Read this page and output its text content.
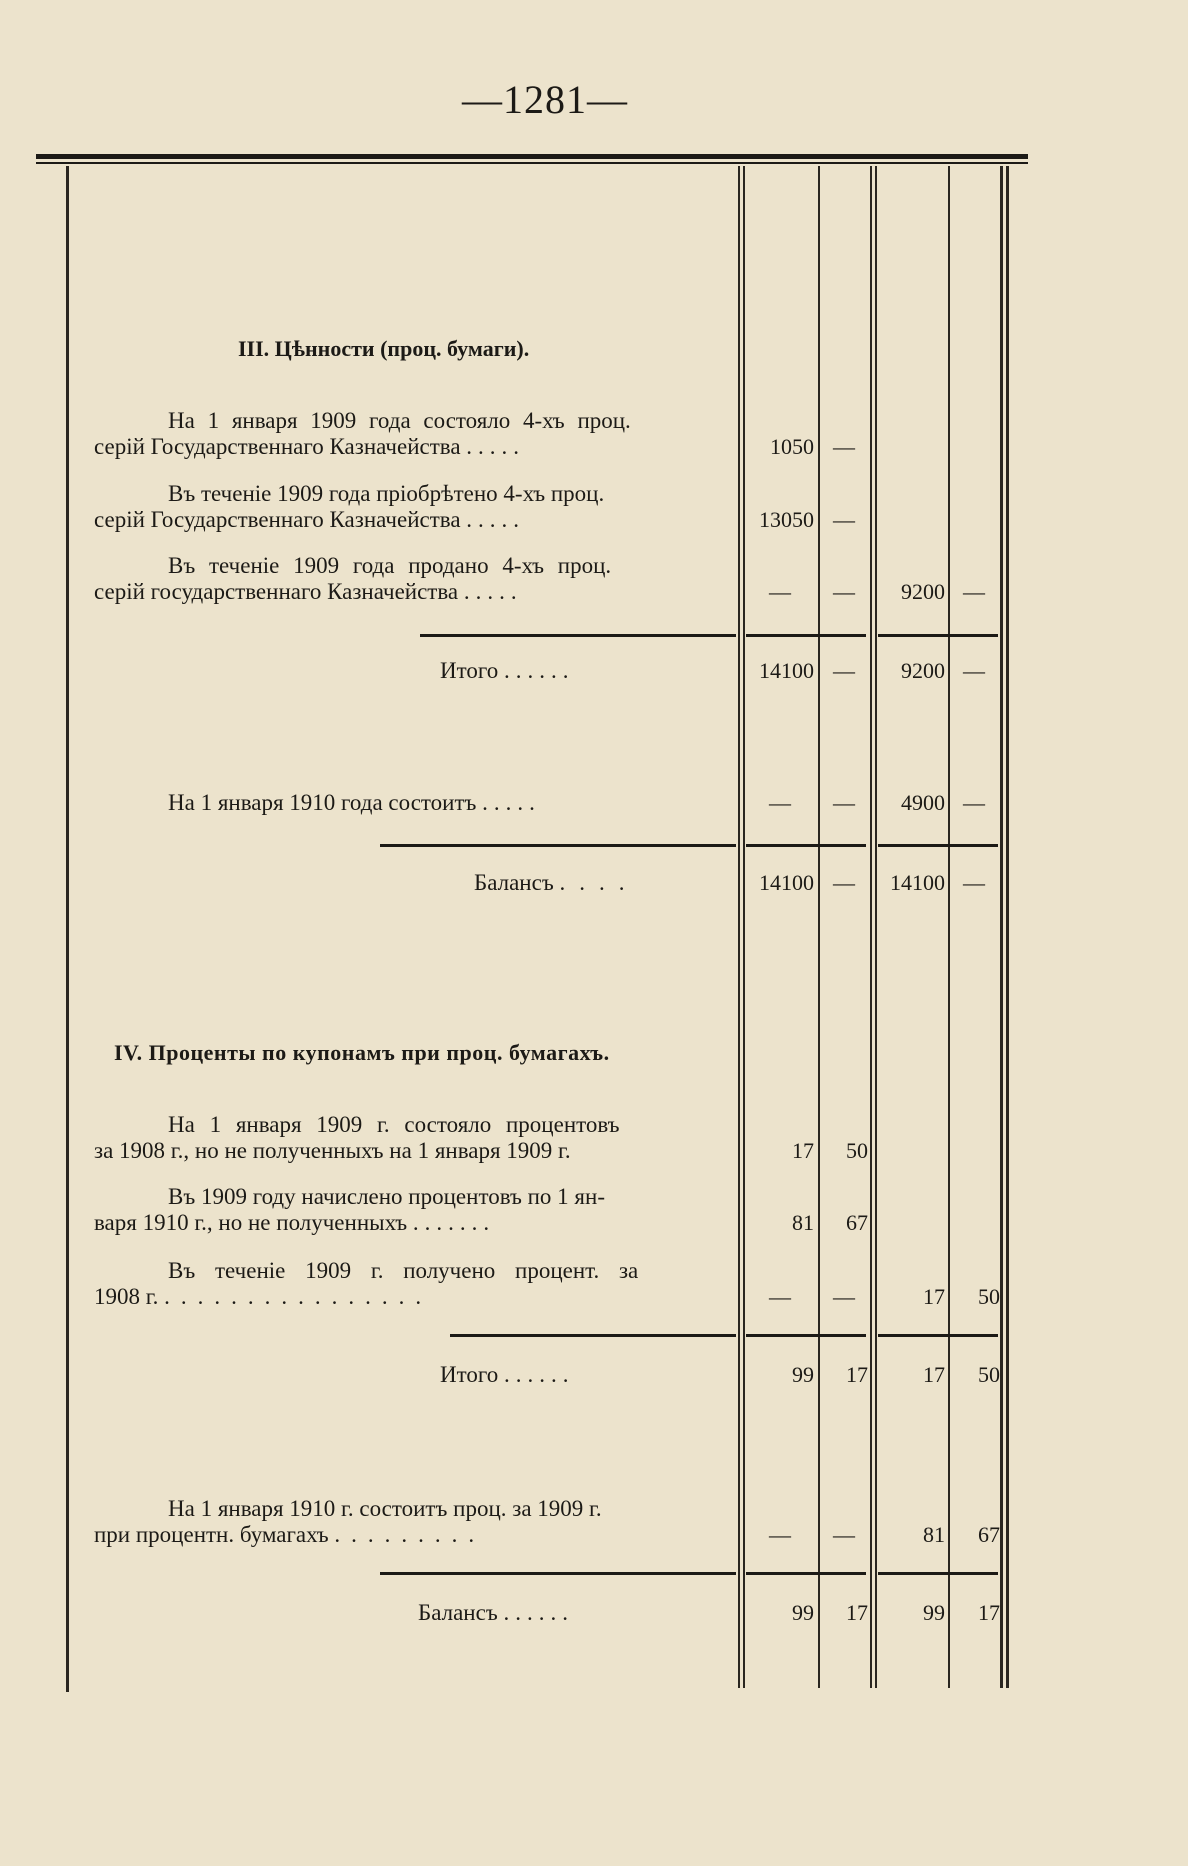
—1281—
III. Цѣнности (проц. бумаги).
На 1 января 1909 года состояло 4-хъ проц.
серій Государственнаго Казначейства .....	1050 —
Въ теченіе 1909 года пріобрѣтено 4-хъ проц.
серій Государственнаго Казначейства .....	13050 —
Въ теченіе 1909 года продано 4-хъ проц.
серій государственнаго Казначейства .....	—	—	9200 —
Итого ......	14100 —	9200 —
На 1 января 1910 года состоитъ .....	—	—	4900 —
Балансъ ....	14100 —	14100 —
IV. Проценты по купонамъ при проц. бумагахъ.
На 1 января 1909 г. состояло процентовъ
за 1908 г., но не полученныхъ на 1 января 1909 г.	17	50
Въ 1909 году начислено процентовъ по 1 ян-
варя 1910 г., но не полученныхъ .......	81	67
Въ теченіе 1909 г. получено процент. за
1908 г. ................	—	—	17	50
Итого ......	99	17	17	50
На 1 января 1910 г. состоитъ проц. за 1909 г.
при процентн. бумагахъ .........	—	—	81	67
Балансъ ......	99	17	99	17
